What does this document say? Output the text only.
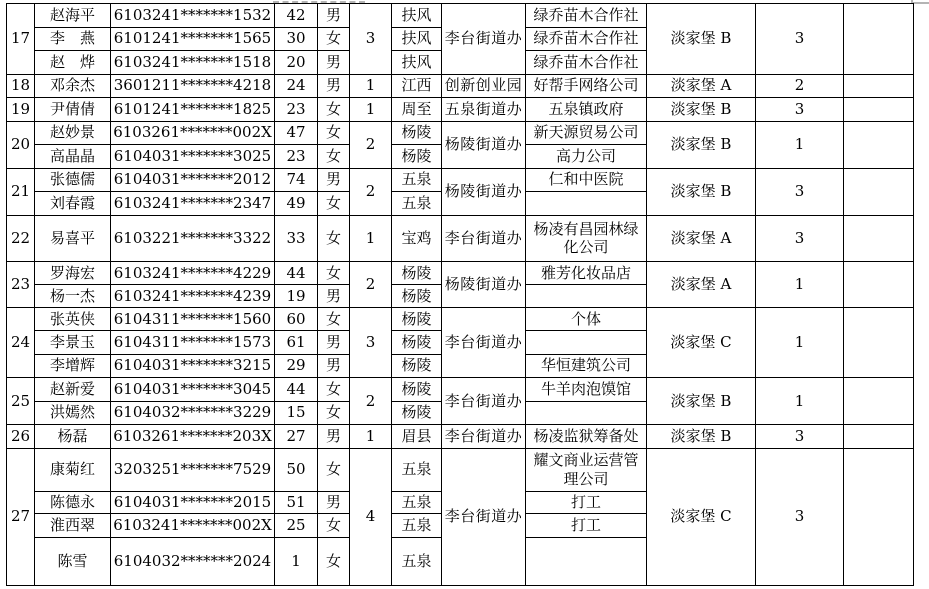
17	赵海平	6103241*******1532	42	男	3	扶风	李台街道办	绿乔苗木合作社	淡家堡 B	3	
	李　燕	6101241*******1565	30	女		扶风		绿乔苗木合作社			
	赵　烨	6103241*******1518	20	男		扶风		绿乔苗木合作社			
18	邓余杰	3601211*******4218	24	男	1	江西	创新创业园	好帮手网络公司	淡家堡 A	2	
19	尹倩倩	6101241*******1825	23	女	1	周至	五泉街道办	五泉镇政府	淡家堡 B	3	
20	赵妙景	6103261*******002X	47	女	2	杨陵	杨陵街道办	新天源贸易公司	淡家堡 B	1	
	高晶晶	6104031*******3025	23	女		杨陵		高力公司			
21	张德儒	6104031*******2012	74	男	2	五泉	杨陵街道办	仁和中医院	淡家堡 B	3	
	刘春霞	6103241*******2347	49	女		五泉					
22	易喜平	6103221*******3322	33	女	1	宝鸡	李台街道办	杨凌有昌园林绿化公司	淡家堡 A	3	
23	罗海宏	6103241*******4229	44	女	2	杨陵	杨陵街道办	雅芳化妆品店	淡家堡 A	1	
	杨一杰	6103241*******4239	19	男		杨陵					
24	张英侠	6104311*******1560	60	女	3	杨陵	李台街道办	个体	淡家堡 C	1	
	李景玉	6104311*******1573	61	男		杨陵					
	李增辉	6104031*******3215	29	男		杨陵		华恒建筑公司			
25	赵新爱	6104031*******3045	44	女	2	杨陵	李台街道办	牛羊肉泡馍馆	淡家堡 B	1	
	洪嫣然	6104032*******3229	15	女		杨陵					
26	杨磊	6103261*******203X	27	男	1	眉县	李台街道办	杨凌监狱筹备处	淡家堡 B	3	
27	康菊红	3203251*******7529	50	女	4	五泉	李台街道办	耀文商业运营管理公司	淡家堡 C	3	
	陈德永	6104031*******2015	51	男		五泉		打工			
	淮西翠	6103241*******002X	25	女		五泉		打工			
	陈雪	6104032*******2024	1	女		五泉					
